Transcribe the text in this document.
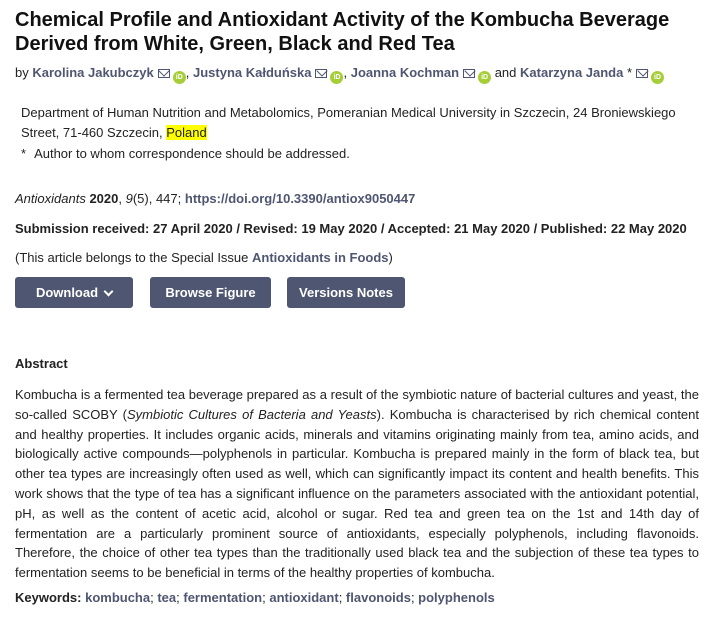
Chemical Profile and Antioxidant Activity of the Kombucha Beverage Derived from White, Green, Black and Red Tea
by Karolina Jakubczyk	iD , Justyna Kałduńska	iD , Joanna Kochman	iD and Katarzyna Janda *	iD
Department of Human Nutrition and Metabolomics, Pomeranian Medical University in Szczecin, 24 Broniewskiego Street, 71-460 Szczecin, Poland
* Author to whom correspondence should be addressed.
Antioxidants 2020, 9(5), 447; https://doi.org/10.3390/antiox9050447
Submission received: 27 April 2020 / Revised: 19 May 2020 / Accepted: 21 May 2020 / Published: 22 May 2020
(This article belongs to the Special Issue Antioxidants in Foods)
Download	Browse Figure	Versions Notes
Abstract
Kombucha is a fermented tea beverage prepared as a result of the symbiotic nature of bacterial cultures and yeast, the so-called SCOBY (Symbiotic Cultures of Bacteria and Yeasts). Kombucha is characterised by rich chemical content and healthy properties. It includes organic acids, minerals and vitamins originating mainly from tea, amino acids, and biologically active compounds—polyphenols in particular. Kombucha is prepared mainly in the form of black tea, but other tea types are increasingly often used as well, which can significantly impact its content and health benefits. This work shows that the type of tea has a significant influence on the parameters associated with the antioxidant potential, pH, as well as the content of acetic acid, alcohol or sugar. Red tea and green tea on the 1st and 14th day of fermentation are a particularly prominent source of antioxidants, especially polyphenols, including flavonoids. Therefore, the choice of other tea types than the traditionally used black tea and the subjection of these tea types to fermentation seems to be beneficial in terms of the healthy properties of kombucha.
Keywords: kombucha; tea; fermentation; antioxidant; flavonoids; polyphenols
